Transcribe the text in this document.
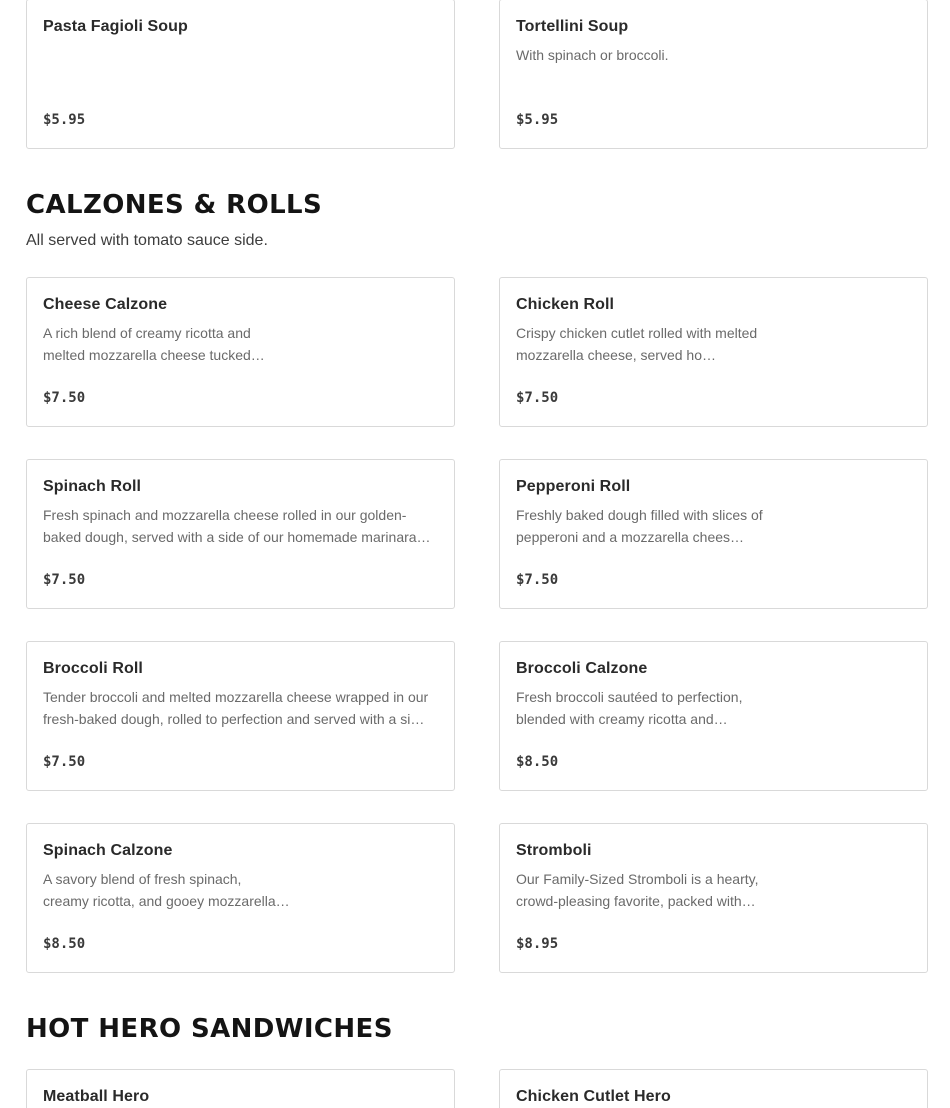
Pasta Fagioli Soup
$5.95
Tortellini Soup
With spinach or broccoli.
$5.95
CALZONES & ROLLS

All served with tomato sauce side.

Cheese Calzone
A rich blend of creamy ricotta and melted mozzarella cheese tucked…
$7.50
Chicken Roll
Crispy chicken cutlet rolled with melted mozzarella cheese, served ho…
$7.50
Spinach Roll
Fresh spinach and mozzarella cheese rolled in our golden-baked dough, served with a side of our homemade marinara…
$7.50
Pepperoni Roll
Freshly baked dough filled with slices of pepperoni and a mozzarella chees…
$7.50
Broccoli Roll
Tender broccoli and melted mozzarella cheese wrapped in our fresh-baked dough, rolled to perfection and served with a si…
$7.50
Broccoli Calzone
Fresh broccoli sautéed to perfection, blended with creamy ricotta and…
$8.50
Spinach Calzone
A savory blend of fresh spinach, creamy ricotta, and gooey mozzarella…
$8.50
Stromboli
Our Family-Sized Stromboli is a hearty, crowd-pleasing favorite, packed with…
$8.95
HOT HERO SANDWICHES
Meatball Hero	Chicken Cutlet Hero
